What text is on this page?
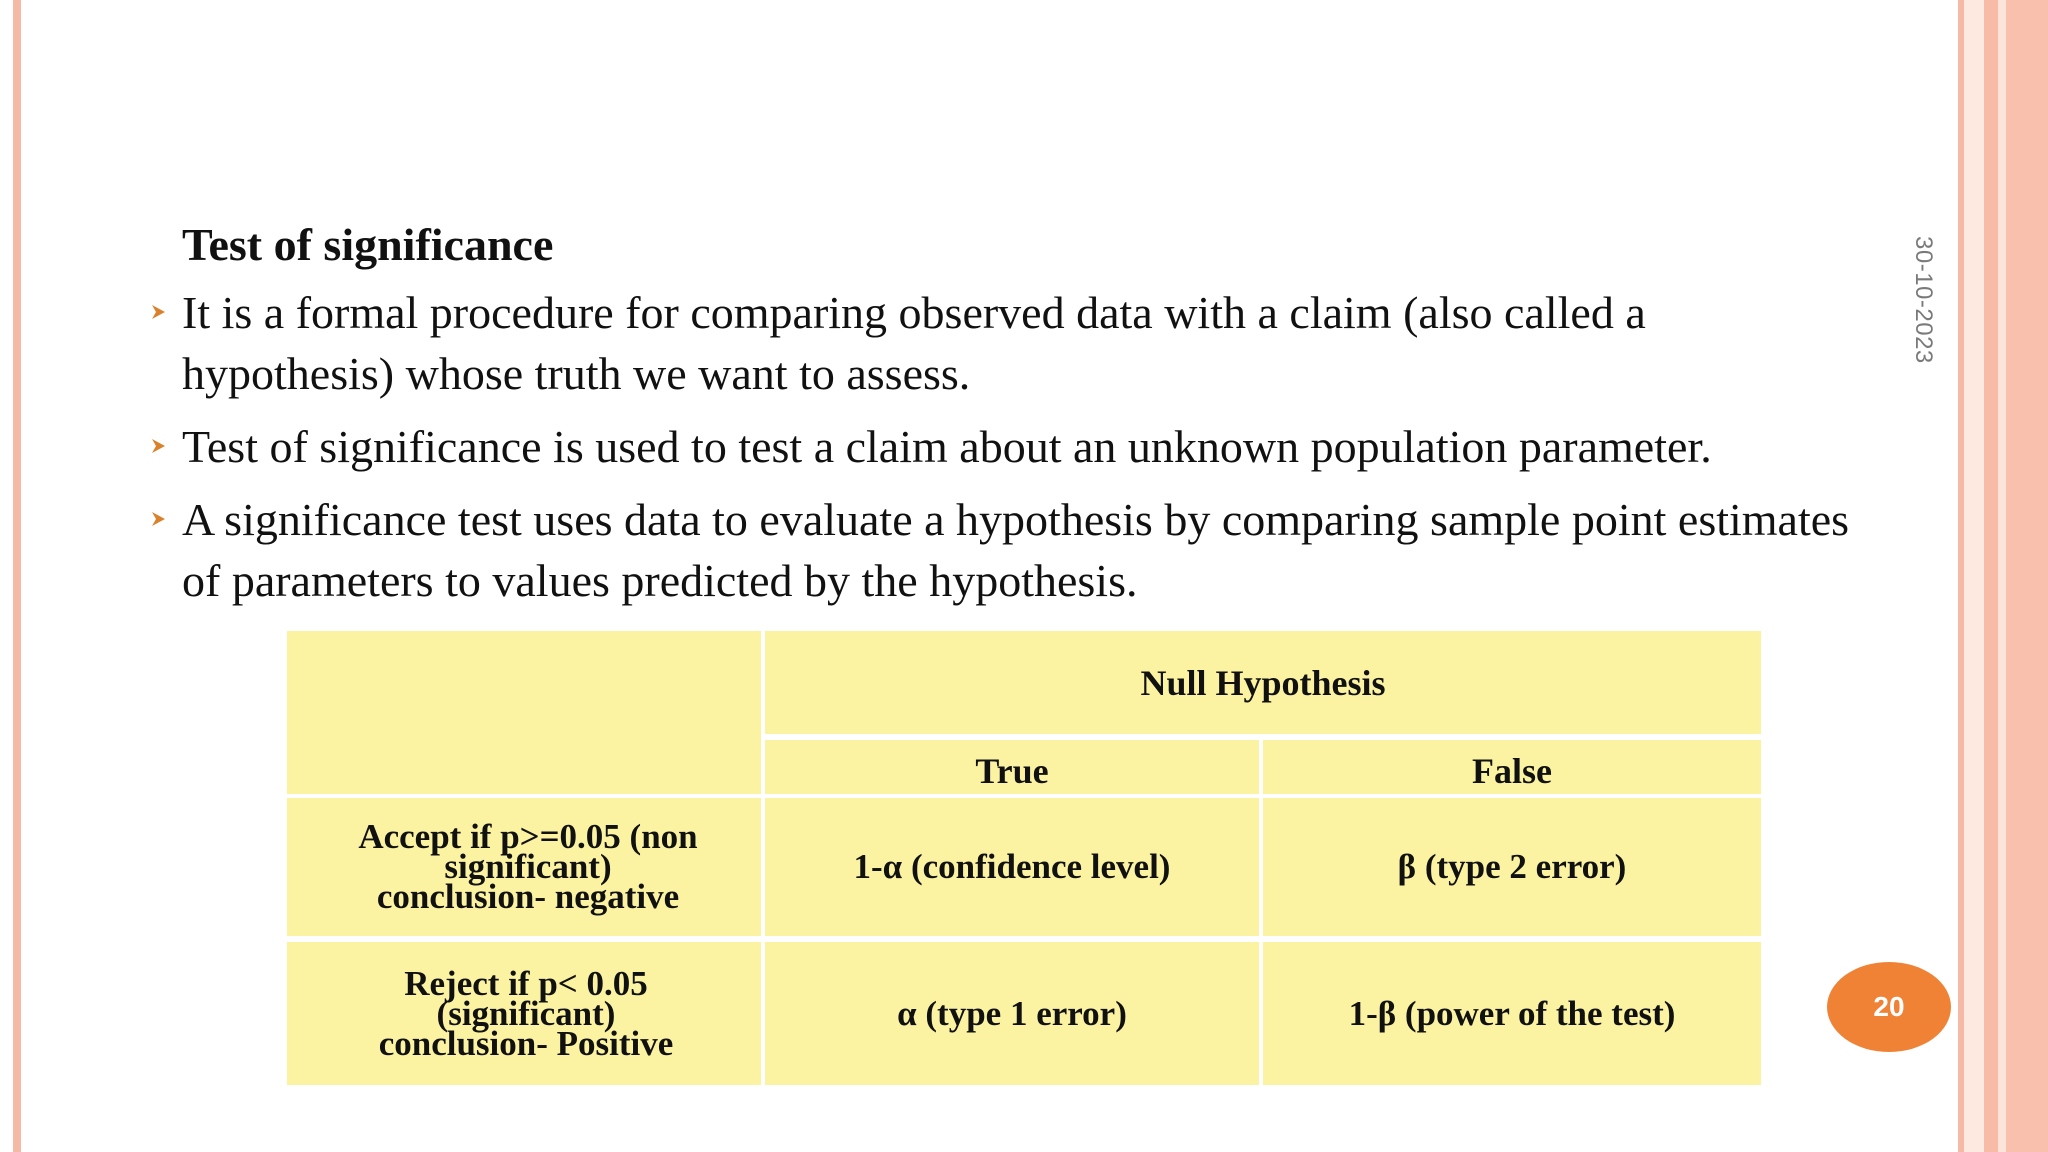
30-10-2023
Test of significance
It is a formal procedure for comparing observed data with a claim (also called a hypothesis) whose truth we want to assess.
Test of significance is used to test a claim about an unknown population parameter.
A significance test uses data to evaluate a hypothesis by comparing sample point estimates of parameters to values predicted by the hypothesis.
Null Hypothesis
True	False
Accept if p>=0.05 (non
significant)
conclusion- negative
1-α (confidence level)	β (type 2 error)
Reject if p< 0.05
(significant)
conclusion- Positive
α (type 1 error)	1-β (power of the test)	20
